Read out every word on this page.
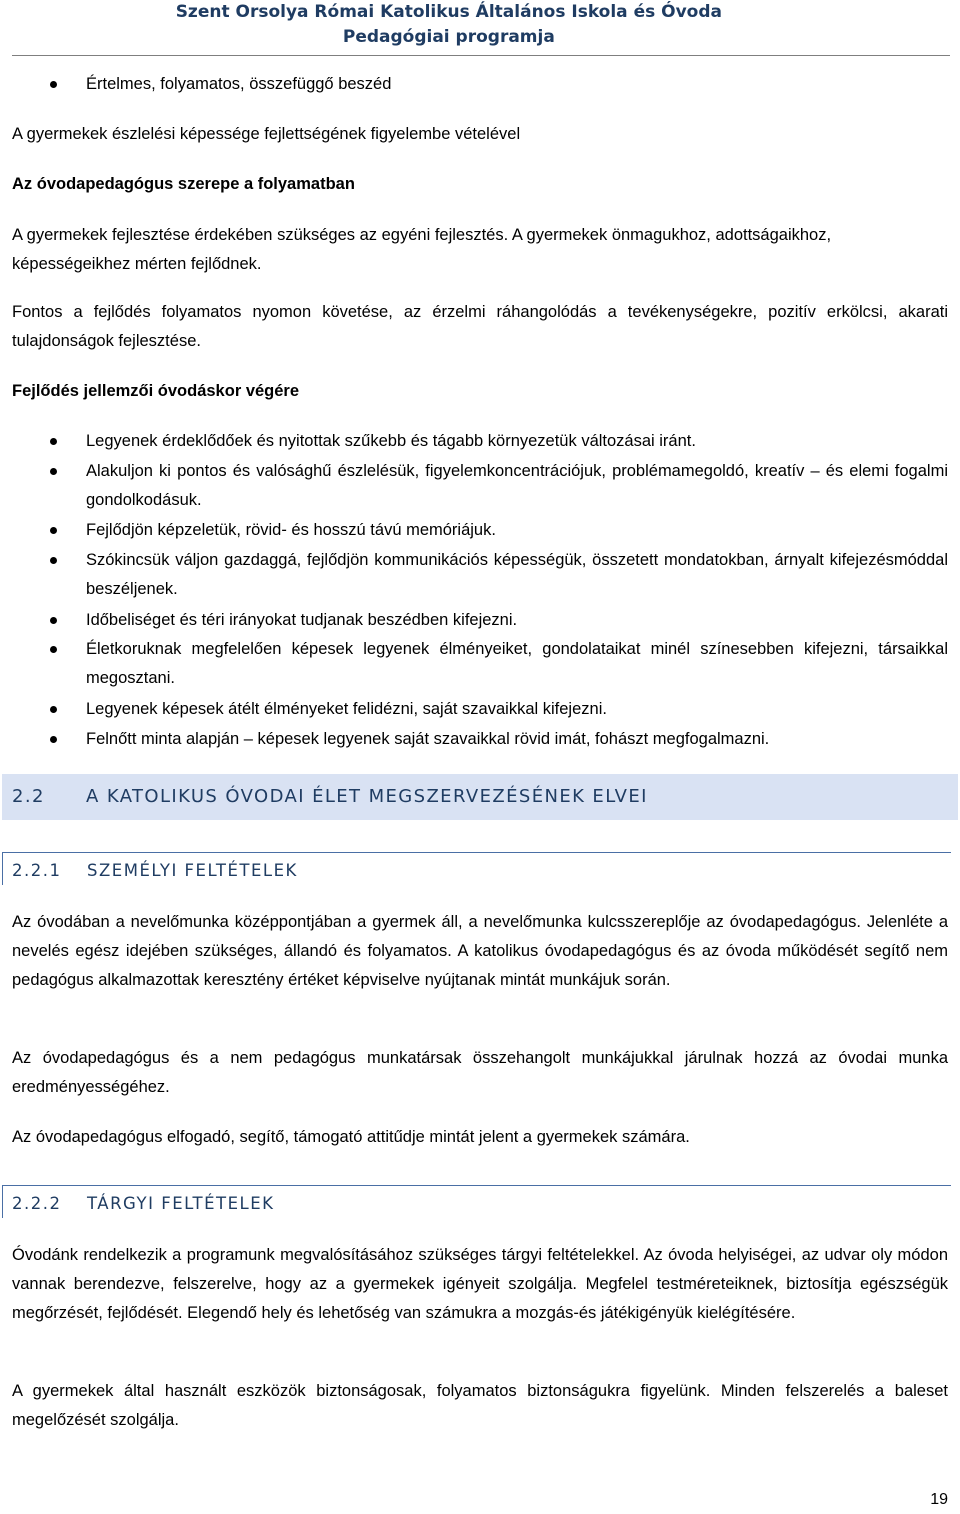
Szent Orsolya Római Katolikus Általános Iskola és Óvoda
Pedagógiai programja
Értelmes, folyamatos, összefüggő beszéd
A gyermekek észlelési képessége fejlettségének figyelembe vételével
Az óvodapedagógus szerepe a folyamatban
A gyermekek fejlesztése érdekében szükséges az egyéni fejlesztés. A gyermekek önmagukhoz, adottságaikhoz, képességeikhez mérten fejlődnek.
Fontos a fejlődés folyamatos nyomon követése, az érzelmi ráhangolódás a tevékenységekre, pozitív erkölcsi, akarati tulajdonságok fejlesztése.
Fejlődés jellemzői óvodáskor végére
Legyenek érdeklődőek és nyitottak szűkebb és tágabb környezetük változásai iránt.
Alakuljon ki pontos és valósághű észlelésük, figyelemkoncentrációjuk, problémamegoldó, kreatív – és elemi fogalmi gondolkodásuk.
Fejlődjön képzeletük, rövid- és hosszú távú memóriájuk.
Szókincsük váljon gazdaggá, fejlődjön kommunikációs képességük, összetett mondatokban, árnyalt kifejezésmóddal beszéljenek.
Időbeliséget és téri irányokat tudjanak beszédben kifejezni.
Életkoruknak megfelelően képesek legyenek élményeiket, gondolataikat minél színesebben kifejezni, társaikkal megosztani.
Legyenek képesek átélt élményeket felidézni, saját szavaikkal kifejezni.
Felnőtt minta alapján – képesek legyenek saját szavaikkal rövid imát, fohászt megfogalmazni.
2.2 A KATOLIKUS ÓVODAI ÉLET MEGSZERVEZÉSÉNEK ELVEI
2.2.1 SZEMÉLYI FELTÉTELEK
Az óvodában a nevelőmunka középpontjában a gyermek áll, a nevelőmunka kulcsszereplője az óvodapedagógus. Jelenléte a nevelés egész idejében szükséges, állandó és folyamatos. A katolikus óvodapedagógus és az óvoda működését segítő nem pedagógus alkalmazottak keresztény értéket képviselve nyújtanak mintát munkájuk során.
Az óvodapedagógus és a nem pedagógus munkatársak összehangolt munkájukkal járulnak hozzá az óvodai munka eredményességéhez.
Az óvodapedagógus elfogadó, segítő, támogató attitűdje mintát jelent a gyermekek számára.
2.2.2 TÁRGYI FELTÉTELEK
Óvodánk rendelkezik a programunk megvalósításához szükséges tárgyi feltételekkel. Az óvoda helyiségei, az udvar oly módon vannak berendezve, felszerelve, hogy az a gyermekek igényeit szolgálja. Megfelel testméreteiknek, biztosítja egészségük megőrzését, fejlődését. Elegendő hely és lehetőség van számukra a mozgás-és játékigényük kielégítésére.
A gyermekek által használt eszközök biztonságosak, folyamatos biztonságukra figyelünk. Minden felszerelés a baleset megelőzését szolgálja.
19
